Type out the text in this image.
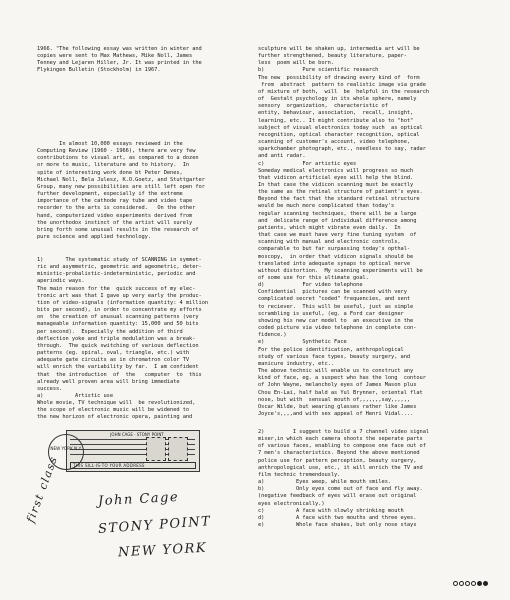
1966. "The following essay was written in winter and

copies were sent to Max Mathews, Mike Noll, James

Tenney and Lejaren Hiller, Jr. It was printed in the

Flykingen Bulletin (Stockholm) in 1967.

In almost 10,000 essays reviewed in the

Computing Review (1960 - 1966), there are very few

contributions to visual art, as compared to a dozen

or more to music, literature and to history.  In

spite of interesting work done bt Peter Denes,

Michael Noll, Bela Julesz, K.O.Goetz, and Stuttgarter

Group, many new possibilities are still left open for

further development, especially if the extreme

importance of the cathode ray tube and video tape

recorder to the arts is considered.   On the other

hand, computerized video experiments derived from

the unorthodox instinct of the artist will surely

bring forth some unusual results in the research of

pure science and applied technology.

1)       The systematic study of SCANNING in symmet-

ric and asymmetric, geometric and ageometric, deter-

ministic-probalistic-indeterministic, periodic and

aperiodic ways.

The main reason for the  quick success of my elec-

tronic art was that I gave up very early the produc-

tion of video-signals (information quantity: 4 million

bits per second), in order to concentrate my efforts

on  the creation of unusual scanning patterns (very

manageable information quantity: 15,000 and 50 bits

per second).  Especially the addition of third

deflection yoke and triple modulation was a break-

through.  The quick switching of various deflection

patterns (eg. spiral, oval, triangle, etc.) with

adequate gate circuits as in chromatron color TV

will enrich the variability by far.  I am confident

that  the introduction  of  the   computer  to  this

already well proven area will bring immediate

success.

a)          Artistic use

Whole movie, TV technique will  be revolutionized,

the scope of electronic music will be widened to

the new horizon of electronic opera, painting and

sculpture will be shaken up, intermedia art will be

further strengthened, beauty literature, paper-

less  poem will be born.

b)            Pure scientific research

The new  possibility of drawing every kind of  form

from  abstract  pattern to realistic image via grade

of mixture of both,  will  be  helpful in the research

of  Gestalt psychology in its whole sphere, namely

sensory  organization,  characteristic of

entity, behaviour, association,  recall, insight,

learning, etc.. It might contribute also to "hot"

subject of visual electronics today such  as optical

recognition, optical character recognition, optical

scanning of customer's account, video telephone,

sparkchamber photograph, etc., needless to say, radar

and anti radar.

c)            For artistic eyes

Someday medical electronics will progress so much

that vidicon artificial eyes will help the blind.

In that case the vidicon scanning must be exactly

the same as the retinal structure of patient's eyes.

Beyond the fact that the standard retinal structure

would be much more complicated than today's

regular scanning techniques, there will be a large

and  delicate range of individual difference among

patients, which might vibrate even daily.  In

that case we must have very fine tuning system  of

scanning with manual and electronic controls,

comparable to but far surpassing today's opthal-

moscopy,  in order that vidicon signals should be

translated into adequate synaps to optical nerve

without distortion.  My scanning experiments will be

of some use for this ultimate goal.

d)            For video telephone

Confidential  pictures can be scanned with very

complicated secret "coded" frequencies, and sent

to reciever.  This will be useful, just as simple

scrambling is useful, (eg. a Ford car designer

showing his new car model to  an executive in the

coded picture via video telephone in complete con-

fidence.)

e)            Synthetic Face

For the police identification, anthropological

study of various face types, beauty surgery, and

manicure industry, etc..

The above technic will enable us to construct any

kind of face, eg. a suspect who has the long  contour

of John Wayne, melancholy eyes of James Mason plus

Chou En-Lai, half bald as Yul Brynner, oriental flat

nose, but with  sensual mouth of,,,,,,,say,,,,,,

Oscar Wilde, but wearing glasses rather like James

Joyce's,,,,and with sex appeal of Henri Vidal....

2)         I suggest to build a 7 channel video signal

mixer,in which each camera shoots the seperate parts

of various faces, enabling to compose one face out of

7 men's characteristics. Beyond the above mentioned

police use for pattern perception, beauty surgery,

anthropological use, etc., it will enrich the TV and

film technic tremendously.

a)          Eyes weep, while mouth smiles.

b)          Only eyes come out of face and fly away.

(negative feedback of eyes will erase out original

eyes electronically.)

c)          A face with slowly shrinking mouth

d)          A face with two mouths and three eyes.

e)          Whole face shakes, but only nose stays

NEW YORK N.Y.
JOHN CAGE · STONY POINT
THIS SILL·IS·TO YOUR ADDRESS
first class	John Cage
STONY POINT
NEW YORK
